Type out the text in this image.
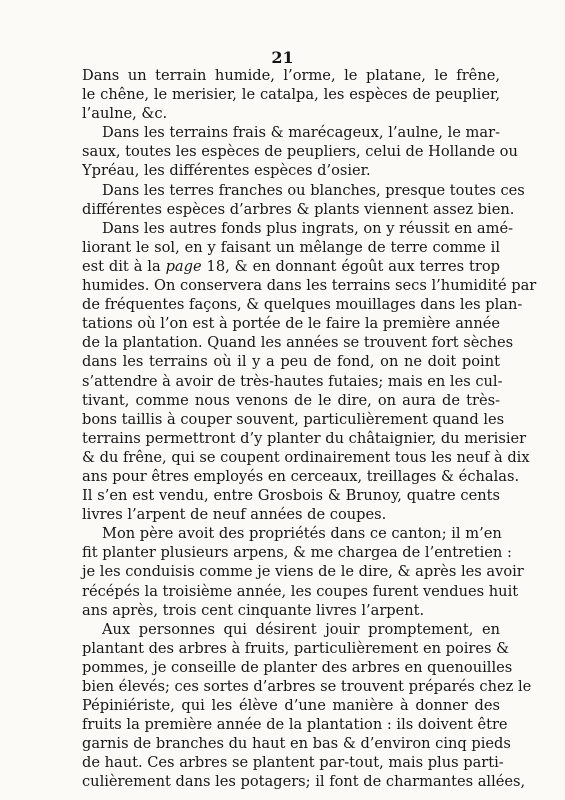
21
Dans un terrain humide, l’orme, le platane, le frêne,
le chêne, le merisier, le catalpa, les espèces de peuplier,
l’aulne, &c.
Dans les terrains frais & marécageux, l’aulne, le mar-
saux, toutes les espèces de peupliers, celui de Hollande ou
Ypréau, les différentes espèces d’osier.
Dans les terres franches ou blanches, presque toutes ces
différentes espèces d’arbres & plants viennent assez bien.
Dans les autres fonds plus ingrats, on y réussit en amé-
liorant le sol, en y faisant un mêlange de terre comme il
est dit à la page 18, & en donnant égoût aux terres trop
humides. On conservera dans les terrains secs l’humidité par
de fréquentes façons, & quelques mouillages dans les plan-
tations où l’on est à portée de le faire la première année
de la plantation. Quand les années se trouvent fort sèches
dans les terrains où il y a peu de fond, on ne doit point
s’attendre à avoir de très-hautes futaies; mais en les cul-
tivant, comme nous venons de le dire, on aura de très-
bons taillis à couper souvent, particulièrement quand les
terrains permettront d’y planter du châtaignier, du merisier
& du frêne, qui se coupent ordinairement tous les neuf à dix
ans pour êtres employés en cerceaux, treillages & échalas.
Il s’en est vendu, entre Grosbois & Brunoy, quatre cents
livres l’arpent de neuf années de coupes.
Mon père avoit des propriétés dans ce canton; il m’en
fit planter plusieurs arpens, & me chargea de l’entretien :
je les conduisis comme je viens de le dire, & après les avoir
récépés la troisième année, les coupes furent vendues huit
ans après, trois cent cinquante livres l’arpent.
Aux personnes qui désirent jouir promptement, en
plantant des arbres à fruits, particulièrement en poires &
pommes, je conseille de planter des arbres en quenouilles
bien élevés; ces sortes d’arbres se trouvent préparés chez le
Pépiniériste, qui les élève d’une manière à donner des
fruits la première année de la plantation : ils doivent être
garnis de branches du haut en bas & d’environ cinq pieds
de haut. Ces arbres se plantent par-tout, mais plus parti-
culièrement dans les potagers; il font de charmantes allées,
